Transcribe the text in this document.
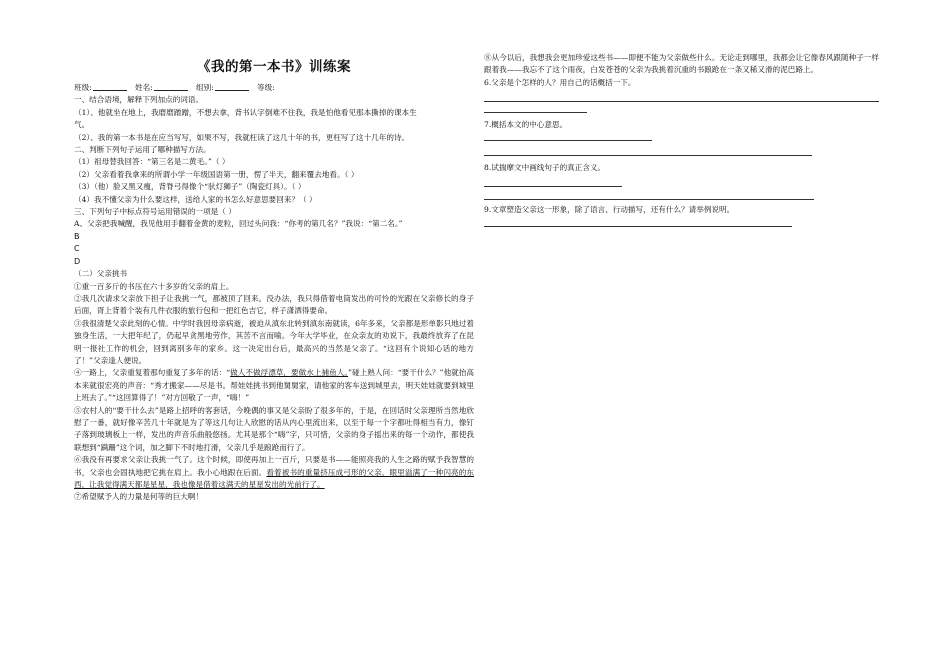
《我的第一本书》训练案

班级:	姓名:	组别:	等级:

一、结合语境，解释下列加点的词语。

（1）、他就坐在地上，我磨磨蹭蹭，不想去拿，背书认字倒难不住我，我是怕他看见那本撕掉的课本生

气。

（2）、我的第一本书是在应当写写，如果不写，我就枉读了这几十年的书，更枉写了这十几年的诗。

二、判断下列句子运用了哪种描写方法。

（1）祖母替我回答：“第三名是二黄毛。”（ ）

（2）父亲看着我拿来的所谓小学一年级国语第一册，愣了半天，翻来覆去地看。（ ）

（3）（他）脸又黑又瘦，背脊弓得像个“驮灯狮子”（陶瓷灯具）。（ ）

（4）我不懂父亲为什么要这样，送给人家的书怎么好意思要回来？（ ）

三、下列句子中标点符号运用错误的一项是（ ）

A、父亲把我喊醒，我见他用手翻着金黄的麦粒，回过头问我：“你考的第几名？”我说：“第二名。”

B

C

D

（二）父亲挑书

①重一百多斤的书压在六十多岁的父亲的肩上。

②我几次请求父亲放下担子让我挑一气，都被顶了回来。没办法，我只得借着电筒发出的可怜的光跟在父亲修长的身子后面，胥上背着个装有几件衣服的旅行包和一把红色吉它，样子潇洒得要命。

③我很清楚父亲此刻的心情。中学时我因母亲病逝，被迫从滇东北转到滇东南就读，6年多来，父亲都是形单影只地过着独身生活，一大把年纪了，仍起早贪黑地劳作，其苦不言而喻。今年大学毕业，在众亲友的劝说下，我最终放弃了在昆明一报社工作的机会，回到离别多年的家乡。这一决定出台后，最高兴的当然是父亲了。“这回有个说知心话的地方了！”父亲逢人便说。

④一路上，父亲重复着那句重复了多年的话：“做人不做浮漂草，要做水上捕鱼人。”碰上熟人问：“要干什么？”他就抬高本来就很宏亮的声音：“秀才搬家——尽是书。帮娃娃挑书到他舅舅家，请他家的客车送到城里去，明天娃娃就要到城里上班去了。”“这回算得了！”对方回敬了一声，“嗨！”

⑤农村人的“要干什么去”是路上招呼的客套话，今晚偶的事又是父亲盼了很多年的，于是，在回话时父亲理所当然地欣慰了一番，就好像辛苦几十年就是为了等这几句让人欣慰的话从内心里流出来，以至于每一个字都吐得相当有力，像钉子落到玻璃板上一样，发出的声音乐曲般悠扬。尤其是那个“嗨”字，只可惜，父亲的身子摇出来的每一个动作，都使我联想到“蹒跚”这个词，加之脚下不时地打滑，父亲几乎是踉跄而行了。

⑥我没有再要求父亲让我挑一气了。这个时候，即使再加上一百斤，只要是书——能照亮我的人生之路的赋予我智慧的书，父亲也会固执地把它挑在肩上。我小心地跟在后面。看着被书的重量挤压成弓形的父亲，眼里溢满了一种闪亮的东西，让我觉得满天都是星星，我也像是借着这满天的星星发出的光前行了。

⑦希望赋予人的力量是何等的巨大啊！

⑧从今以后，我想我会更加珍爱这些书——即便不能为父亲做些什么。无论走到哪里，我都会让它像春风跟随种子一样跟着我——我忘不了这个雨夜，白发苍苍的父亲为我挑着沉重的书踉跄在一条又稀又滑的泥巴路上。

6.父亲是个怎样的人？用自己的话概括一下。

7.概括本文的中心意思。

8.试揣摩文中画线句子的真正含义。

9.文章塑造父亲这一形象，除了语言、行动描写，还有什么？请举例说明。
